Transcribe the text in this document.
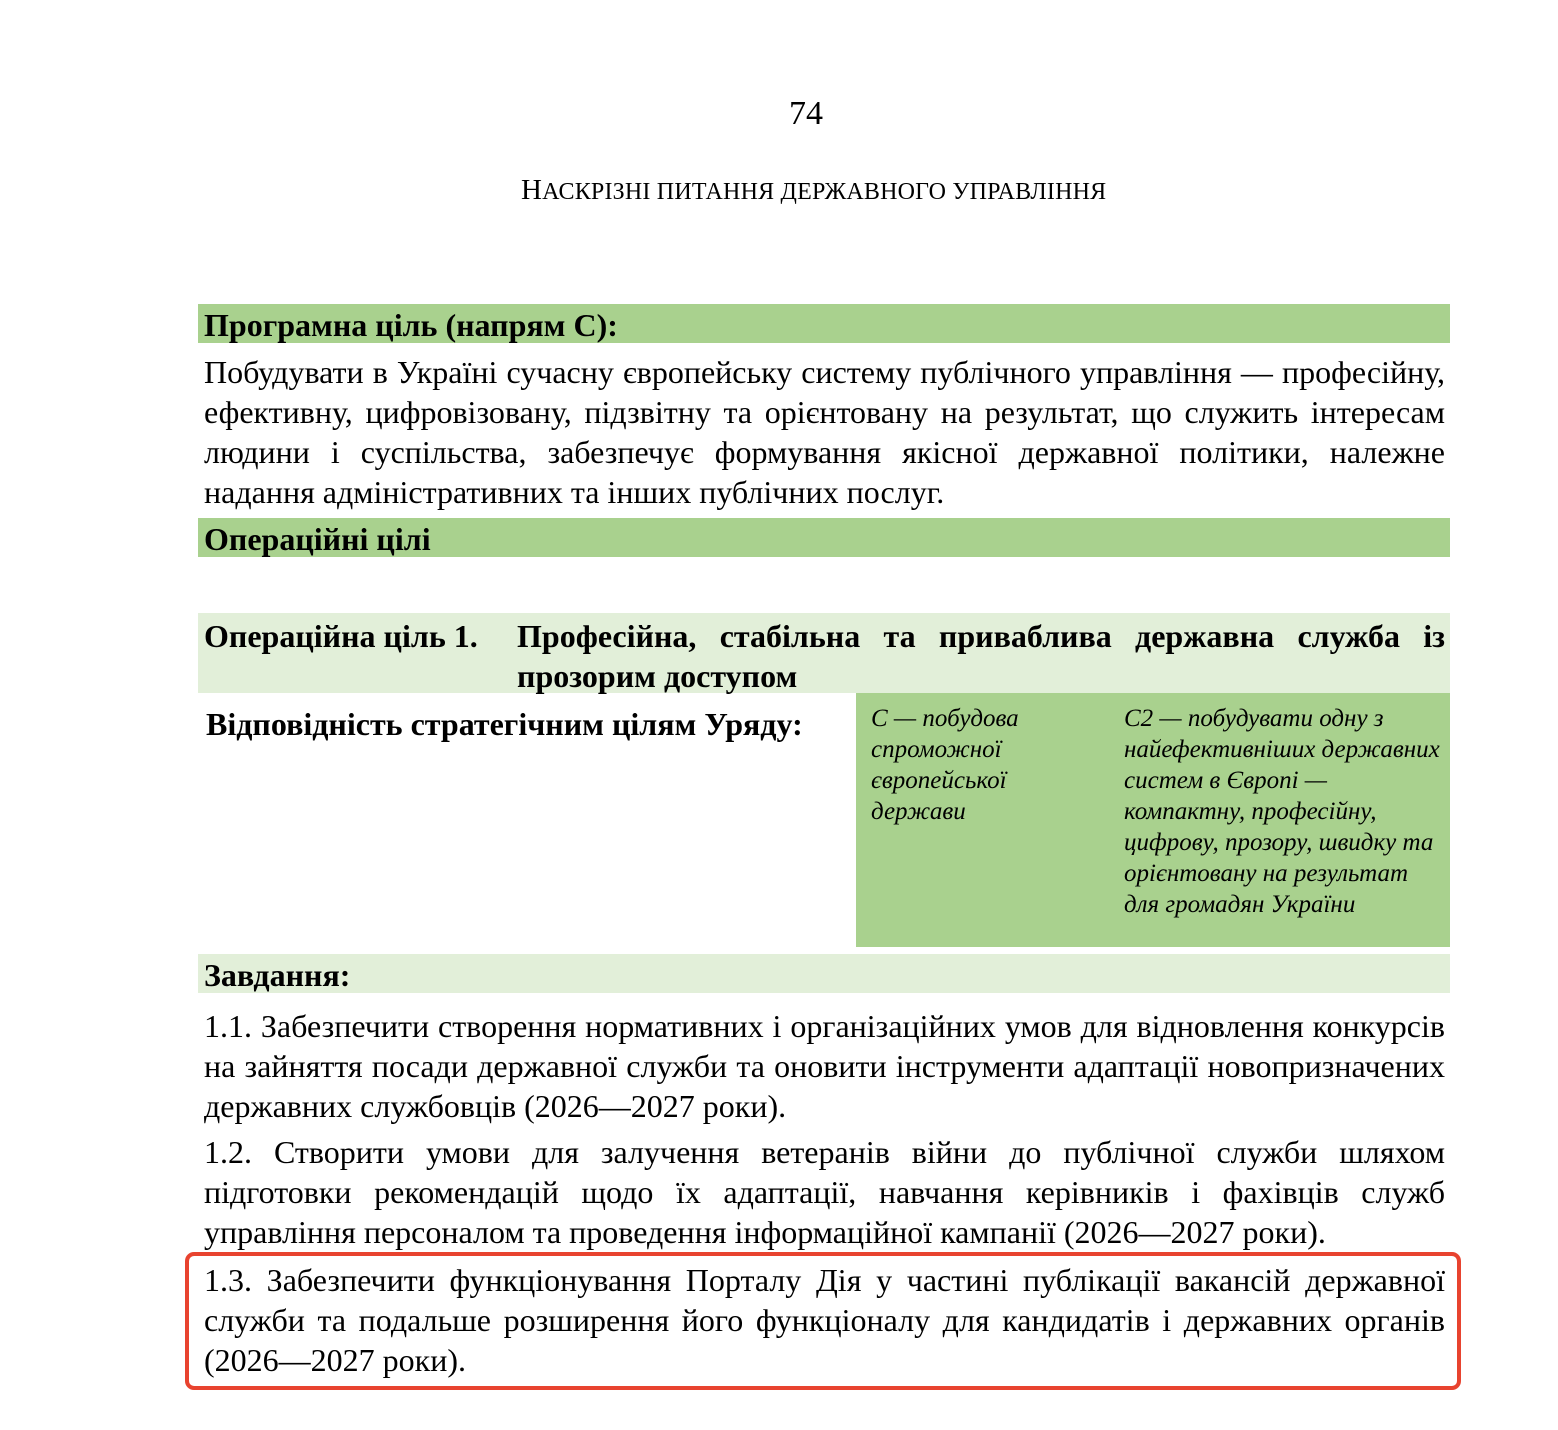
74
НАСКРІЗНІ ПИТАННЯ ДЕРЖАВНОГО УПРАВЛІННЯ
Програмна ціль (напрям C):
Побудувати в Україні сучасну європейську систему публічного управління — професійну, ефективну, цифровізовану, підзвітну та орієнтовану на результат, що служить інтересам людини і суспільства, забезпечує формування якісної державної політики, належне надання адміністративних та інших публічних послуг.
Операційні цілі
Операційна ціль 1. Професійна, стабільна та приваблива державна служба із прозорим доступом
Відповідність стратегічним цілям Уряду:	C — побудова спроможної європейської держави
C2 — побудувати одну з найефективніших державних систем в Європі — компактну, професійну, цифрову, прозору, швидку та орієнтовану на результат для громадян України
Завдання:
1.1. Забезпечити створення нормативних і організаційних умов для відновлення конкурсів на зайняття посади державної служби та оновити інструменти адаптації новопризначених державних службовців (2026—2027 роки).
1.2. Створити умови для залучення ветеранів війни до публічної служби шляхом підготовки рекомендацій щодо їх адаптації, навчання керівників і фахівців служб управління персоналом та проведення інформаційної кампанії (2026—2027 роки).
1.3. Забезпечити функціонування Порталу Дія у частині публікації вакансій державної служби та подальше розширення його функціоналу для кандидатів і державних органів (2026—2027 роки).
